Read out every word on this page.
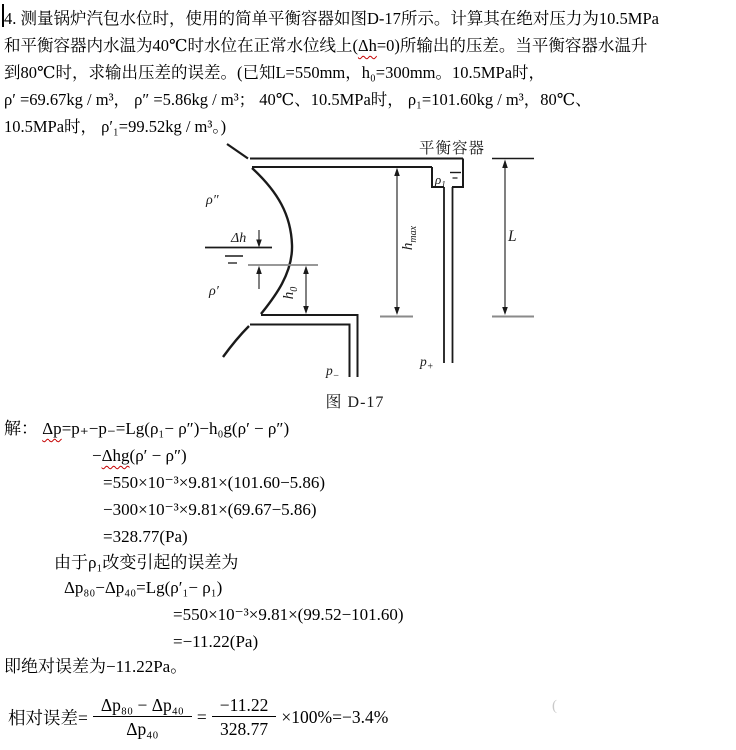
4. 测量锅炉汽包水位时，使用的简单平衡容器如图D-17所示。计算其在绝对压力为10.5MPa
和平衡容器内水温为40℃时水位在正常水位线上(Δh=0)所输出的压差。当平衡容器水温升
到80℃时，求输出压差的误差。(已知L=550mm，h₀=300mm。10.5MPa时，
ρ′ =69.67kg / m³， ρ″ =5.86kg / m³； 40℃、10.5MPa时， ρ₁=101.60kg / m³，80℃、
10.5MPa时， ρ′₁=99.52kg / m³。)
平衡容器
ρ″
Δh
ρ′	$h_0$
$h_{max}$	L
$\rho_1$
$p_-$
$p_+$
图 D-17
解： Δp=p₊−p₋=Lg(ρ₁− ρ″)−h₀g(ρ′ − ρ″)
−Δhg(ρ′ − ρ″)
=550×10⁻³×9.81×(101.60−5.86)
−300×10⁻³×9.81×(69.67−5.86)
=328.77(Pa)
由于ρ₁改变引起的误差为
Δp₈₀−Δp₄₀=Lg(ρ′₁− ρ₁)
=550×10⁻³×9.81×(99.52−101.60)
=−11.22(Pa)
即绝对误差为−11.22Pa。
相对误差= $\frac{\text{Δp₈₀ − Δp₄₀}}{\text{Δp₄₀}} = \frac{-11.22}{328.77} \times 100\%=-3.4\%$
(
